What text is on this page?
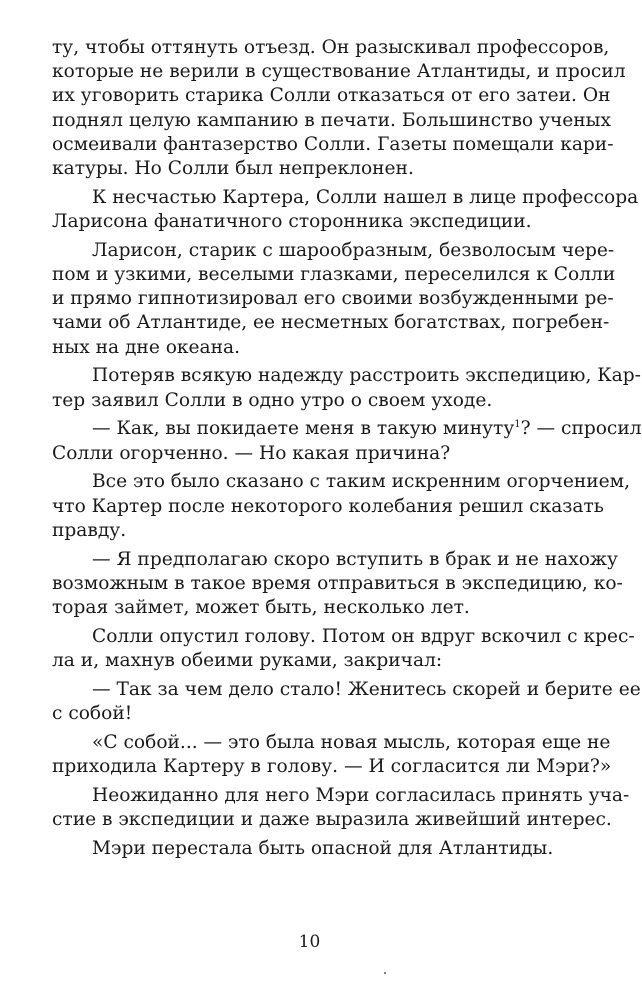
ту, чтобы оттянуть отъезд. Он разыскивал профессоров,
которые не верили в существование Атлантиды, и просил
их уговорить старика Солли отказаться от его затеи. Он
поднял целую кампанию в печати. Большинство ученых
осмеивали фантазерство Солли. Газеты помещали кари-
катуры. Но Солли был непреклонен.
К несчастью Картера, Солли нашел в лице профессора
Ларисона фанатичного сторонника экспедиции.
Ларисон, старик с шарообразным, безволосым чере-
пом и узкими, веселыми глазками, переселился к Солли
и прямо гипнотизировал его своими возбужденными ре-
чами об Атлантиде, ее несметных богатствах, погребен-
ных на дне океана.
Потеряв всякую надежду расстроить экспедицию, Кар-
тер заявил Солли в одно утро о своем уходе.
— Как, вы покидаете меня в такую минуту$^1$? — спросил
Солли огорченно. — Но какая причина?
Все это было сказано с таким искренним огорчением,
что Картер после некоторого колебания решил сказать
правду.
— Я предполагаю скоро вступить в брак и не нахожу
возможным в такое время отправиться в экспедицию, ко-
торая займет, может быть, несколько лет.
Солли опустил голову. Потом он вдруг вскочил с крес-
ла и, махнув обеими руками, закричал:
— Так за чем дело стало! Женитесь скорей и берите ее
с собой!
«С собой... — это была новая мысль, которая еще не
приходила Картеру в голову. — И согласится ли Мэри?»
Неожиданно для него Мэри согласилась принять уча-
стие в экспедиции и даже выразила живейший интерес.
Мэри перестала быть опасной для Атлантиды.
10
